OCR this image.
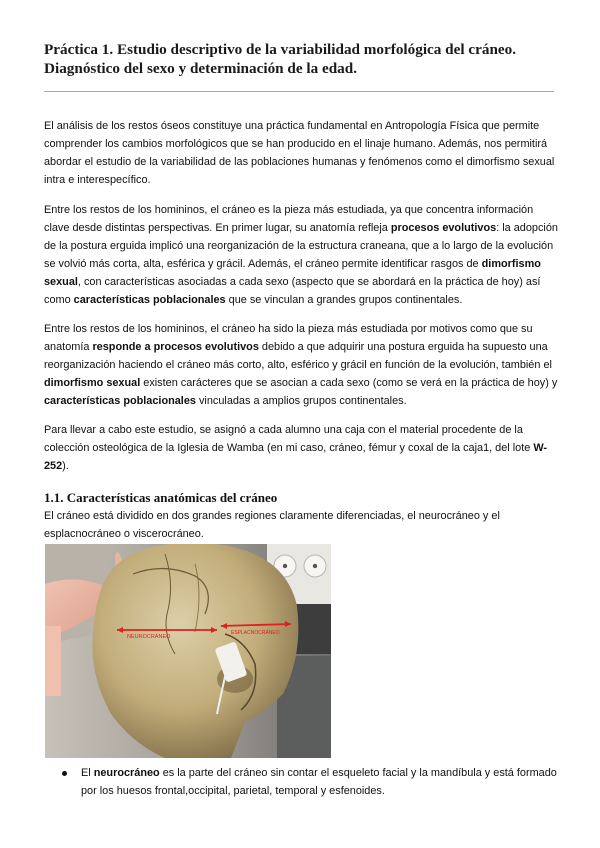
Práctica 1. Estudio descriptivo de la variabilidad morfológica del cráneo. Diagnóstico del sexo y determinación de la edad.

El análisis de los restos óseos constituye una práctica fundamental en Antropología Física que permite comprender los cambios morfológicos que se han producido en el linaje humano. Además, nos permitirá abordar el estudio de la variabilidad de las poblaciones humanas y fenómenos como el dimorfismo sexual intra e interespecífico.

Entre los restos de los homininos, el cráneo es la pieza más estudiada, ya que concentra información clave desde distintas perspectivas. En primer lugar, su anatomía refleja procesos evolutivos: la adopción de la postura erguida implicó una reorganización de la estructura craneana, que a lo largo de la evolución se volvió más corta, alta, esférica y grácil. Además, el cráneo permite identificar rasgos de dimorfismo sexual, con características asociadas a cada sexo (aspecto que se abordará en la práctica de hoy) así como características poblacionales que se vinculan a grandes grupos continentales.

Entre los restos de los homininos, el cráneo ha sido la pieza más estudiada por motivos como que su anatomía responde a procesos evolutivos debido a que adquirir una postura erguida ha supuesto una reorganización haciendo el cráneo más corto, alto, esférico y grácil en función de la evolución, también el dimorfismo sexual existen carácteres que se asocian a cada sexo (como se verá en la práctica de hoy) y características poblacionales vinculadas a amplios grupos continentales.

Para llevar a cabo este estudio, se asignó a cada alumno una caja con el material procedente de la colección osteológica de la Iglesia de Wamba (en mi caso, cráneo, fémur y coxal de la caja1, del lote W-252).

1.1. Características anatómicas del cráneo

El cráneo está dividido en dos grandes regiones claramente diferenciadas, el neurocráneo y el esplacnocráneo o viscerocráneo.

NEUROCRÁNEO
ESPLACNOCRÁNEO

El neurocráneo es la parte del cráneo sin contar el esqueleto facial y la mandíbula y está formado por los huesos frontal,occipital, parietal, temporal y esfenoides.
